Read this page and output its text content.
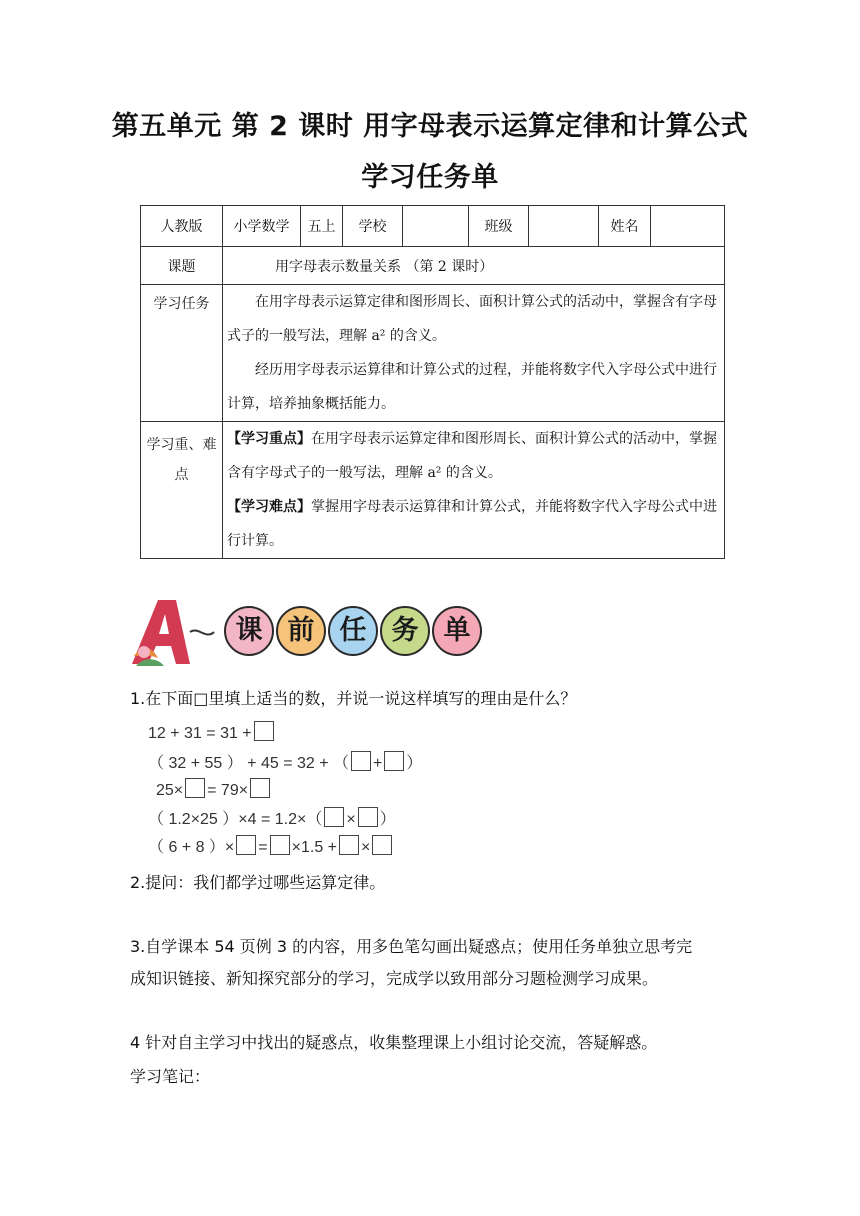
第五单元 第 2 课时 用字母表示运算定律和计算公式
学习任务单
人教版	小学数学	五上	学校		班级		姓名	
课题	用字母表示数量关系 （第 2 课时）							
学习任务	在用字母表示运算定律和图形周长、面积计算公式的活动中，掌握含有字母式子的一般写法，理解 a² 的含义。
经历用字母表示运算律和计算公式的过程，并能将数字代入字母公式中进行计算，培养抽象概括能力。							

学习重、难点	【学习重点】在用字母表示运算定律和图形周长、面积计算公式的活动中，掌握含有字母式子的一般写法，理解 a² 的含义。
【学习难点】掌握用字母表示运算律和计算公式，并能将数字代入字母公式中进行计算。							
课 前 任 务 单
1.在下面□里填上适当的数，并说一说这样填写的理由是什么？
12 + 31 = 31 +
（ 32 + 55 ） + 45 = 32 + （ + ）
25× = 79×
（ 1.2×25 ）×4 = 1.2×（ × ）
（ 6 + 8 ）× = ×1.5 + ×
2.提问：我们都学过哪些运算定律。
3.自学课本 54 页例 3 的内容，用多色笔勾画出疑惑点；使用任务单独立思考完
成知识链接、新知探究部分的学习，完成学以致用部分习题检测学习成果。
4 针对自主学习中找出的疑惑点，收集整理课上小组讨论交流，答疑解惑。
学习笔记：
